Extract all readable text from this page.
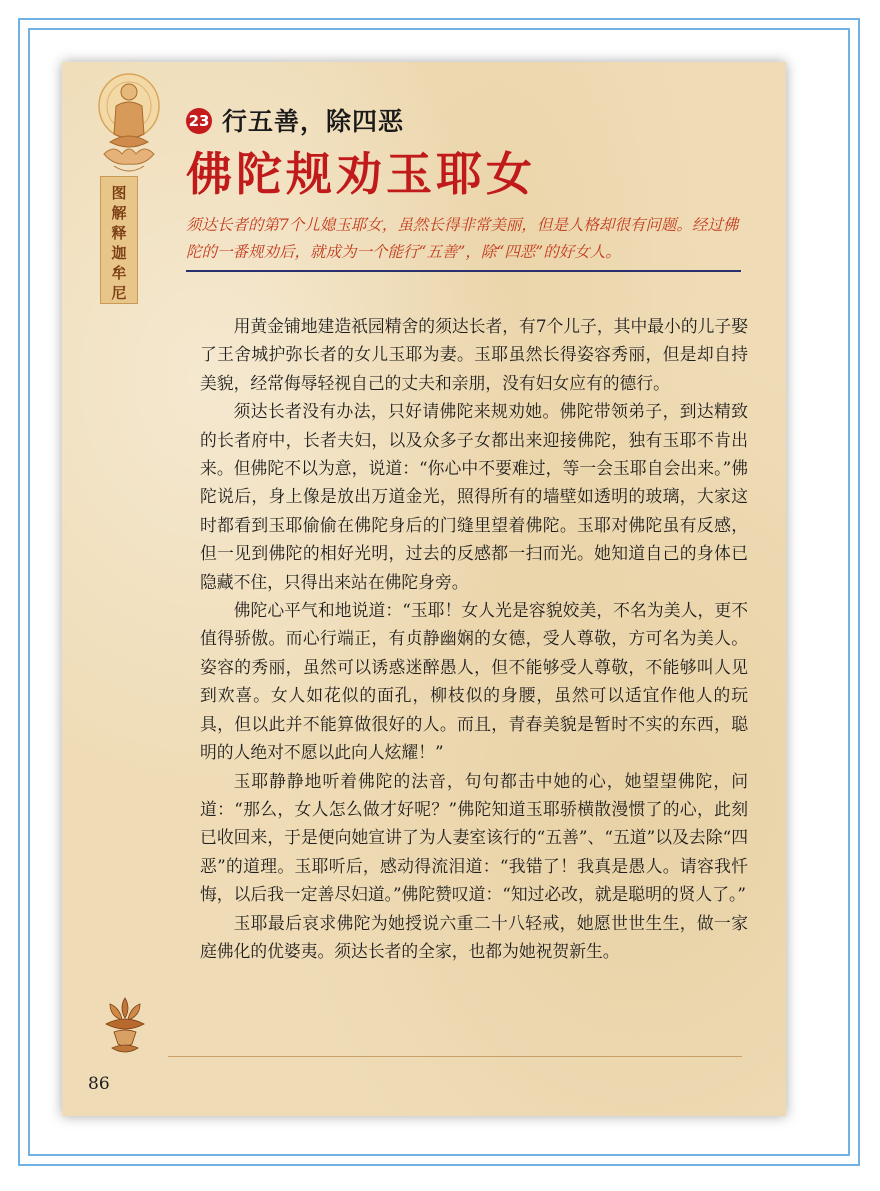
图
解
释
迦
牟
尼
23 行五善，除四恶
佛陀规劝玉耶女
须达长者的第7个儿媳玉耶女，虽然长得非常美丽，但是人格却很有问题。经过佛陀的一番规劝后，就成为一个能行“五善”，除“四恶”的好女人。

用黄金铺地建造祇园精舍的须达长者，有7个儿子，其中最小的儿子娶了王舍城护弥长者的女儿玉耶为妻。玉耶虽然长得姿容秀丽，但是却自持美貌，经常侮辱轻视自己的丈夫和亲朋，没有妇女应有的德行。

须达长者没有办法，只好请佛陀来规劝她。佛陀带领弟子，到达精致的长者府中，长者夫妇，以及众多子女都出来迎接佛陀，独有玉耶不肯出来。但佛陀不以为意，说道：“你心中不要难过，等一会玉耶自会出来。”佛陀说后，身上像是放出万道金光，照得所有的墙壁如透明的玻璃，大家这时都看到玉耶偷偷在佛陀身后的门缝里望着佛陀。玉耶对佛陀虽有反感，但一见到佛陀的相好光明，过去的反感都一扫而光。她知道自己的身体已隐藏不住，只得出来站在佛陀身旁。

佛陀心平气和地说道：“玉耶！女人光是容貌姣美，不名为美人，更不值得骄傲。而心行端正，有贞静幽娴的女德，受人尊敬，方可名为美人。姿容的秀丽，虽然可以诱惑迷醉愚人，但不能够受人尊敬，不能够叫人见到欢喜。女人如花似的面孔，柳枝似的身腰，虽然可以适宜作他人的玩具，但以此并不能算做很好的人。而且，青春美貌是暂时不实的东西，聪明的人绝对不愿以此向人炫耀！”

玉耶静静地听着佛陀的法音，句句都击中她的心，她望望佛陀，问道：“那么，女人怎么做才好呢？”佛陀知道玉耶骄横散漫惯了的心，此刻已收回来，于是便向她宣讲了为人妻室该行的“五善”、“五道”以及去除“四恶”的道理。玉耶听后，感动得流泪道：“我错了！我真是愚人。请容我忏悔，以后我一定善尽妇道。”佛陀赞叹道：“知过必改，就是聪明的贤人了。”

玉耶最后哀求佛陀为她授说六重二十八轻戒，她愿世世生生，做一家庭佛化的优婆夷。须达长者的全家，也都为她祝贺新生。

86
